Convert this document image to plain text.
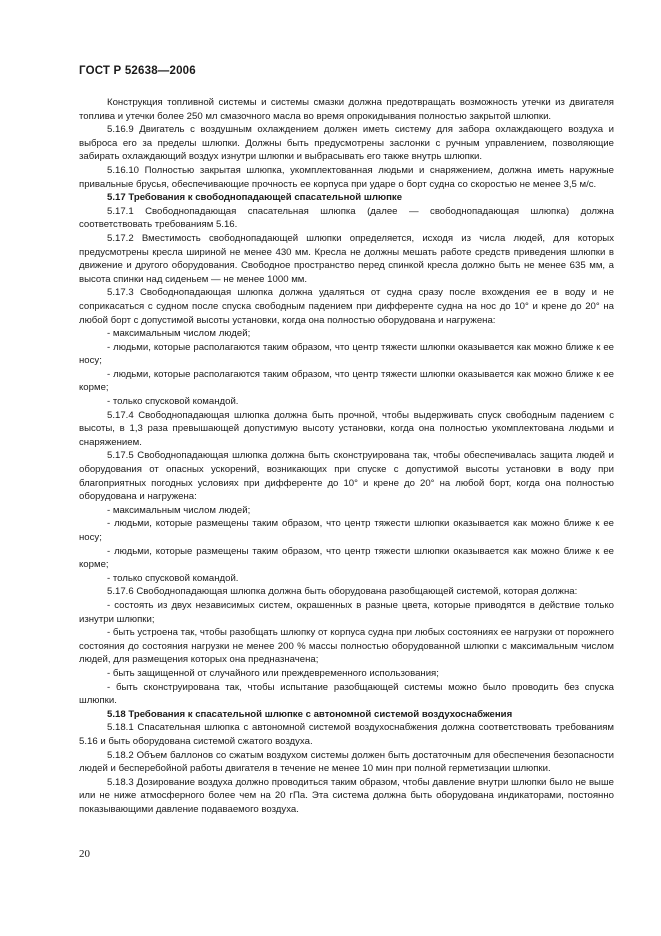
ГОСТ Р 52638—2006

Конструкция топливной системы и системы смазки должна предотвращать возможность утечки из двигателя топлива и утечки более 250 мл смазочного масла во время опрокидывания полностью закрытой шлюпки.

5.16.9 Двигатель с воздушным охлаждением должен иметь систему для забора охлаждающего воздуха и выброса его за пределы шлюпки. Должны быть предусмотрены заслонки с ручным управлением, позволяющие забирать охлаждающий воздух изнутри шлюпки и выбрасывать его также внутрь шлюпки.

5.16.10 Полностью закрытая шлюпка, укомплектованная людьми и снаряжением, должна иметь наружные привальные брусья, обеспечивающие прочность ее корпуса при ударе о борт судна со скоростью не менее 3,5 м/с.

5.17 Требования к свободнопадающей спасательной шлюпке

5.17.1 Свободнопадающая спасательная шлюпка (далее — свободнопадающая шлюпка) должна соответствовать требованиям 5.16.

5.17.2 Вместимость свободнопадающей шлюпки определяется, исходя из числа людей, для которых предусмотрены кресла шириной не менее 430 мм. Кресла не должны мешать работе средств приведения шлюпки в движение и другого оборудования. Свободное пространство перед спинкой кресла должно быть не менее 635 мм, а высота спинки над сиденьем — не менее 1000 мм.

5.17.3 Свободнопадающая шлюпка должна удаляться от судна сразу после вхождения ее в воду и не соприкасаться с судном после спуска свободным падением при дифференте судна на нос до 10° и крене до 20° на любой борт с допустимой высоты установки, когда она полностью оборудована и нагружена:

- максимальным числом людей;

- людьми, которые располагаются таким образом, что центр тяжести шлюпки оказывается как можно ближе к ее носу;

- людьми, которые располагаются таким образом, что центр тяжести шлюпки оказывается как можно ближе к ее корме;

- только спусковой командой.

5.17.4 Свободнопадающая шлюпка должна быть прочной, чтобы выдерживать спуск свободным падением с высоты, в 1,3 раза превышающей допустимую высоту установки, когда она полностью укомплектована людьми и снаряжением.

5.17.5 Свободнопадающая шлюпка должна быть сконструирована так, чтобы обеспечивалась защита людей и оборудования от опасных ускорений, возникающих при спуске с допустимой высоты установки в воду при благоприятных погодных условиях при дифференте до 10° и крене до 20° на любой борт, когда она полностью оборудована и нагружена:

- максимальным числом людей;

- людьми, которые размещены таким образом, что центр тяжести шлюпки оказывается как можно ближе к ее носу;

- людьми, которые размещены таким образом, что центр тяжести шлюпки оказывается как можно ближе к ее корме;

- только спусковой командой.

5.17.6 Свободнопадающая шлюпка должна быть оборудована разобщающей системой, которая должна:

- состоять из двух независимых систем, окрашенных в разные цвета, которые приводятся в действие только изнутри шлюпки;

- быть устроена так, чтобы разобщать шлюпку от корпуса судна при любых состояниях ее нагрузки от порожнего состояния до состояния нагрузки не менее 200 % массы полностью оборудованной шлюпки с максимальным числом людей, для размещения которых она предназначена;

- быть защищенной от случайного или преждевременного использования;

- быть сконструирована так, чтобы испытание разобщающей системы можно было проводить без спуска шлюпки.

5.18 Требования к спасательной шлюпке с автономной системой воздухоснабжения

5.18.1 Спасательная шлюпка с автономной системой воздухоснабжения должна соответствовать требованиям 5.16 и быть оборудована системой сжатого воздуха.

5.18.2 Объем баллонов со сжатым воздухом системы должен быть достаточным для обеспечения безопасности людей и бесперебойной работы двигателя в течение не менее 10 мин при полной герметизации шлюпки.

5.18.3 Дозирование воздуха должно проводиться таким образом, чтобы давление внутри шлюпки было не выше или не ниже атмосферного более чем на 20 гПа. Эта система должна быть оборудована индикаторами, постоянно показывающими давление подаваемого воздуха.

20
